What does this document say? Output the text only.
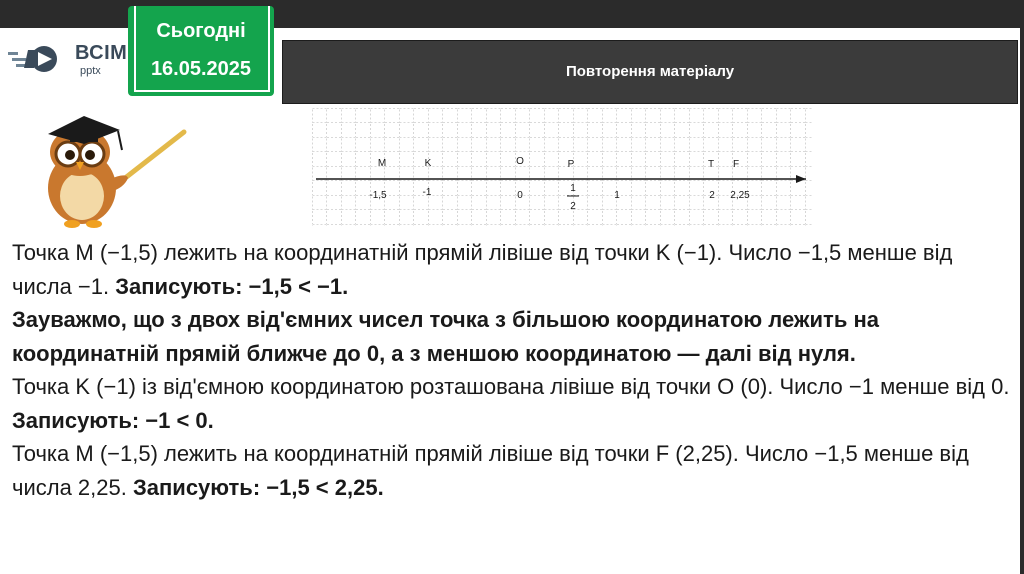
ВСІМ
pptx
Сьогодні
16.05.2025	Повторення матеріалу
M	K	O	P	T F
-1,5	-1	0	1	2 2,25
1
2

Точка M (−1,5) лежить на координатній прямій лівіше від точки K (−1). Число −1,5 менше від числа −1. Записують: −1,5 < −1.

Зауважмо, що з двох від'ємних чисел точка з більшою координатою лежить на координатній прямій ближче до 0, а з меншою координатою — далі від нуля.

Точка K (−1) із від'ємною координатою розташована лівіше від точки O (0). Число −1 менше від 0. Записують: −1 < 0.

Точка M (−1,5) лежить на координатній прямій лівіше від точки F (2,25). Число −1,5 менше від числа 2,25. Записують: −1,5 < 2,25.
